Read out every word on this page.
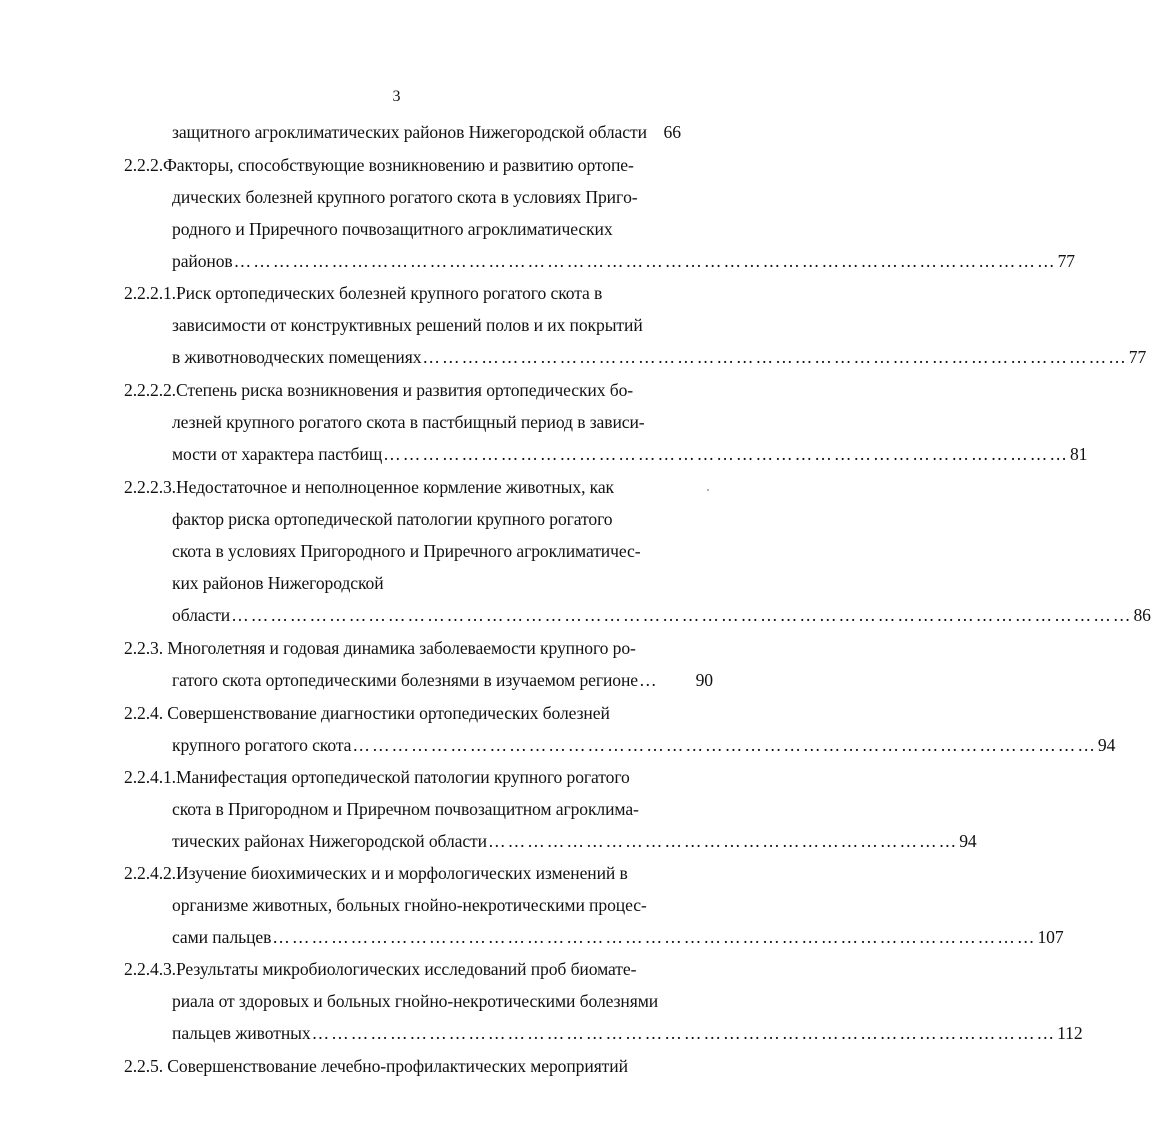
3
защитного агроклиматических районов Нижегородской области 66
2.2.2.Факторы, способствующие возникновению и развитию ортопе-
дических болезней крупного рогатого скота в условиях Пригo-
родного и Приречного почвозащитного агроклиматических
районов ……………………………………………………………………………………………………………… 77
2.2.2.1.Риск ортопедических болезней крупного рогатого скота в
зависимости от конструктивных решений полов и их покрытий
в животноводческих помещениях ……………………………………………………………………………………………… 77
2.2.2.2.Степень риска возникновения и развития ортопедических бо-
лезней крупного рогатого скота в пастбищный период в зависи-
мости от характера пастбищ …………………………………………………………………………………………… 81
2.2.2.3.Недостаточное и неполноценное кормление животных, как
фактор риска ортопедической патологии крупного рогатого
скота в условиях Пригородного и Приречного агроклиматичес-
ких районов Нижегородской
области ………………………………………………………………………………………………………………………… 86
2.2.3. Многолетняя и годовая динамика заболеваемости крупного ро-
гатого скота ортопедическими болезнями в изучаемом регионе …	90
2.2.4. Совершенствование диагностики ортопедических болезней
крупного рогатого скота …………………………………………………………………………………………………… 94
2.2.4.1.Манифестация ортопедической патологии крупного рогатого
скота в Пригородном и Приречном почвозащитном агроклима-
тических районах Нижегородской области ……………………………………………………………… 94
2.2.4.2.Изучение биохимических и и морфологических изменений в
организме животных, больных гнойно-некротическими процес-
сами пальцев ……………………………………………………………………………………………………… 107
2.2.4.3.Результаты микробиологических исследований проб биомате-
риала от здоровых и больных гнойно-некротическими болезнями
пальцев животных …………………………………………………………………………………………………… 112
2.2.5. Совершенствование лечебно-профилактических мероприятий
